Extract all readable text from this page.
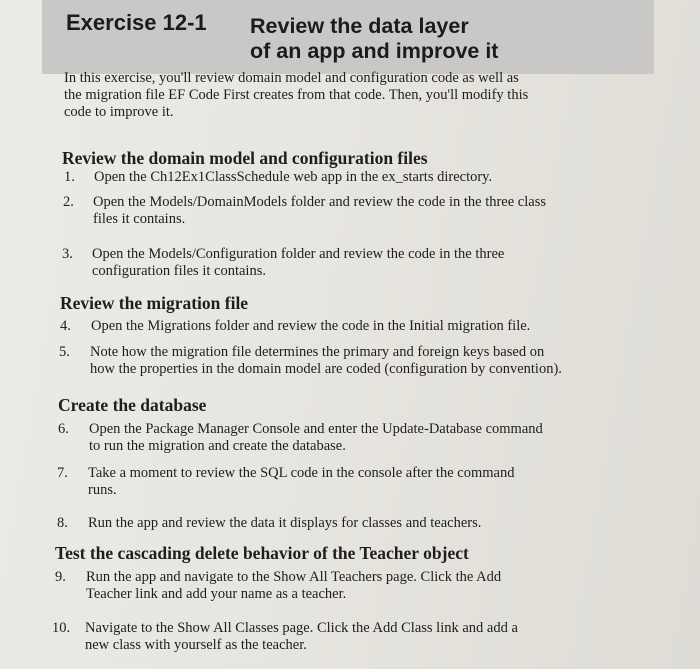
Exercise 12-1 Review the data layer
of an app and improve it
In this exercise, you'll review domain model and configuration code as well as
the migration file EF Code First creates from that code. Then, you'll modify this
code to improve it.
Review the domain model and configuration files
1. Open the Ch12Ex1ClassSchedule web app in the ex_starts directory.
2. Open the Models/DomainModels folder and review the code in the three class
files it contains.
3. Open the Models/Configuration folder and review the code in the three
configuration files it contains.
Review the migration file
4. Open the Migrations folder and review the code in the Initial migration file.
5. Note how the migration file determines the primary and foreign keys based on
how the properties in the domain model are coded (configuration by convention).
Create the database
6. Open the Package Manager Console and enter the Update-Database command
to run the migration and create the database.
7. Take a moment to review the SQL code in the console after the command
runs.
8. Run the app and review the data it displays for classes and teachers.
Test the cascading delete behavior of the Teacher object
9. Run the app and navigate to the Show All Teachers page. Click the Add
Teacher link and add your name as a teacher.
10. Navigate to the Show All Classes page. Click the Add Class link and add a
new class with yourself as the teacher.
